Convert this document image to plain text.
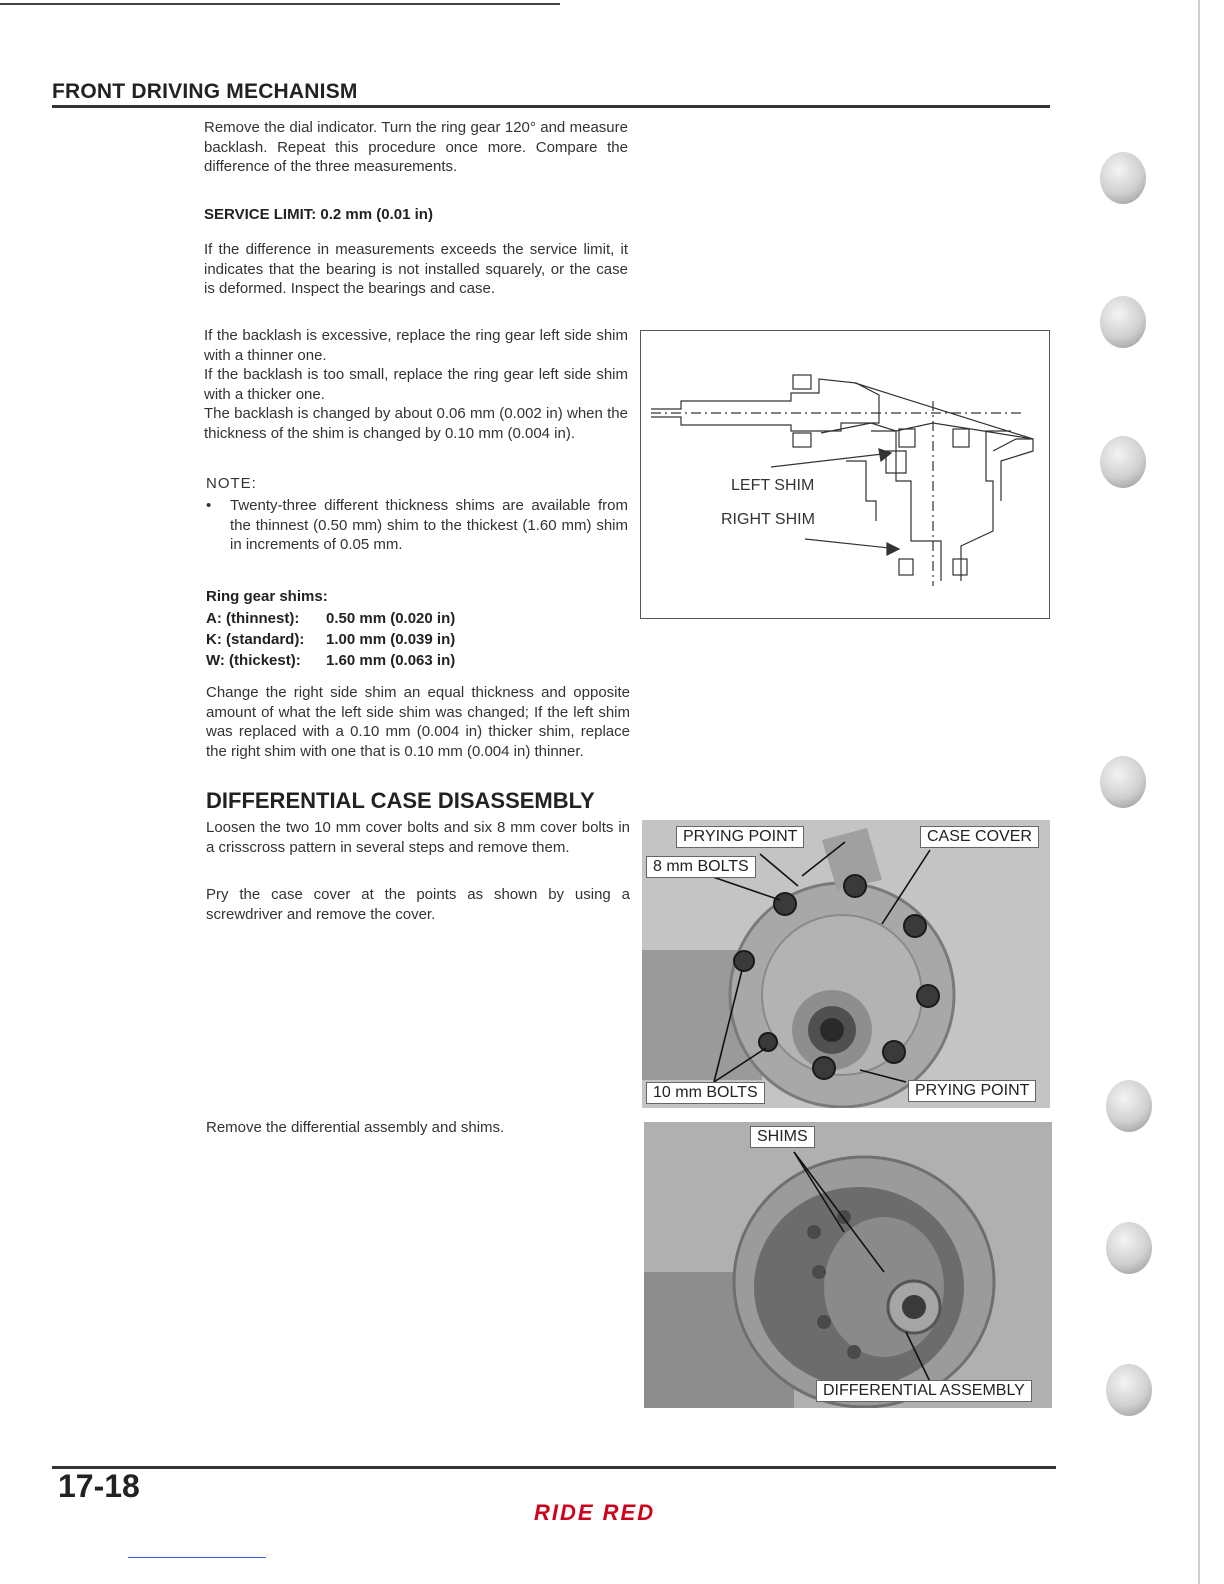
FRONT DRIVING MECHANISM
Remove the dial indicator. Turn the ring gear 120° and measure backlash. Repeat this procedure once more. Compare the difference of the three measurements.
SERVICE LIMIT: 0.2 mm (0.01 in)
If the difference in measurements exceeds the service limit, it indicates that the bearing is not installed squarely, or the case is deformed. Inspect the bearings and case.
If the backlash is excessive, replace the ring gear left side shim with a thinner one.
If the backlash is too small, replace the ring gear left side shim with a thicker one.
The backlash is changed by about 0.06 mm (0.002 in) when the thickness of the shim is changed by 0.10 mm (0.004 in).
NOTE:
•	Twenty-three different thickness shims are available from the thinnest (0.50 mm) shim to the thickest (1.60 mm) shim in increments of 0.05 mm.
Ring gear shims:
A: (thinnest):	0.50 mm (0.020 in)
K: (standard):	1.00 mm (0.039 in)
W: (thickest):	1.60 mm (0.063 in)
Change the right side shim an equal thickness and opposite amount of what the left side shim was changed; If the left shim was replaced with a 0.10 mm (0.004 in) thicker shim, replace the right shim with one that is 0.10 mm (0.004 in) thinner.
DIFFERENTIAL CASE DISASSEMBLY
Loosen the two 10 mm cover bolts and six 8 mm cover bolts in a crisscross pattern in several steps and remove them.
Pry the case cover at the points as shown by using a screwdriver and remove the cover.
Remove the differential assembly and shims.
LEFT SHIM
RIGHT SHIM
PRYING POINT	CASE COVER
8 mm BOLTS
10 mm BOLTS	PRYING POINT
SHIMS
DIFFERENTIAL ASSEMBLY
17-18
RIDE RED
